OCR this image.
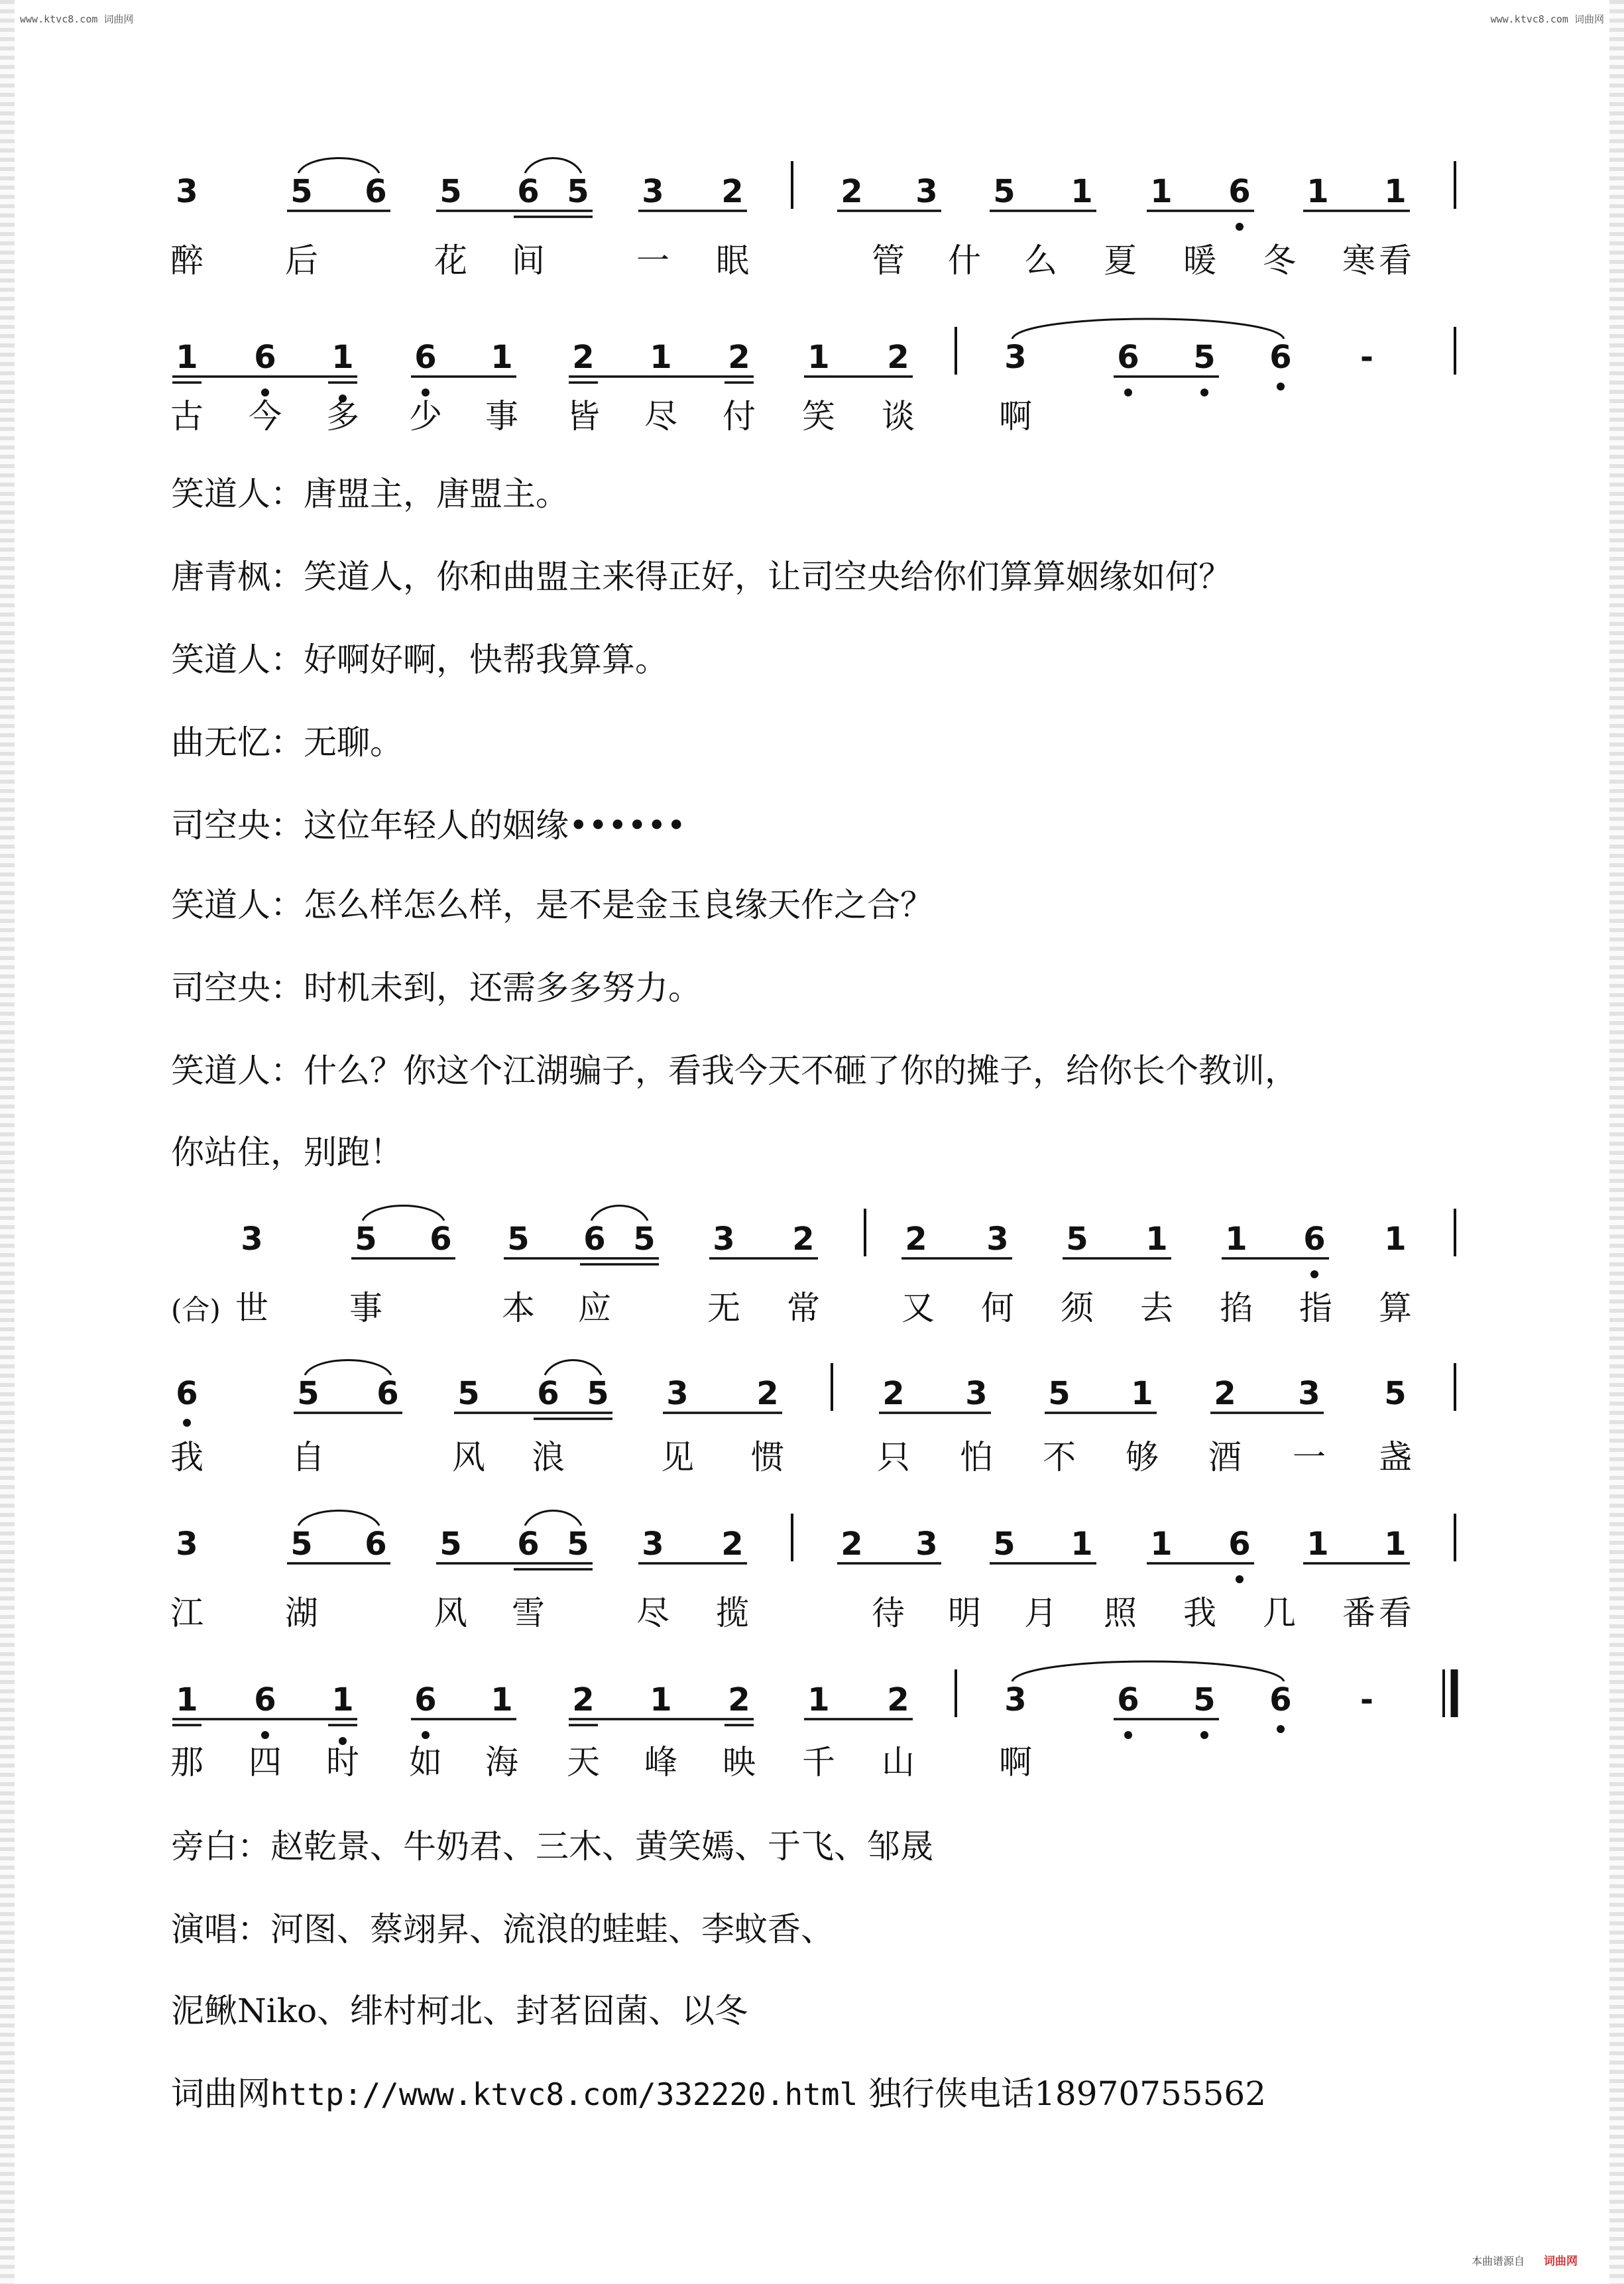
www.ktvc8.com 词曲网	www.ktvc8.com 词曲网
3	5 6 5 6 5 3 2	2 3 5 1 1 6 1 1
醉 后	花 间	一 眠	管 什 么 夏 暖 冬 寒 看
1 6 1 6 1 2 1 2 1 2	3	6 5 6 -
古 今 多 少 事 皆 尽 付 笑 谈	啊
3	5 6 5 6 5 3 2	2 3 5 1 1 6 1
(合) 世 事	本 应	无 常 又 何 须 去 掐 指 算
6	5 6 5 6 5 3 2	2 3 5 1 2 3 5
我	自	风 浪	见 惯	只 怕 不 够 酒 一 盏
3	5 6 5 6 5 3 2	2 3 5 1 1 6 1 1
江 湖	风 雪	尽 揽	待 明 月 照 我 几 番 看
1 6 1 6 1 2 1 2 1 2	3	6 5 6 -
那 四 时 如 海 天 峰 映 千 山	啊
笑道人：唐盟主，唐盟主。
唐青枫：笑道人，你和曲盟主来得正好，让司空央给你们算算姻缘如何？
笑道人：好啊好啊，快帮我算算。
曲无忆：无聊。
司空央：这位年轻人的姻缘••••••
笑道人：怎么样怎么样，是不是金玉良缘天作之合？
司空央：时机未到，还需多多努力。
笑道人：什么？你这个江湖骗子，看我今天不砸了你的摊子，给你长个教训，
你站住，别跑！
旁白：赵乾景、牛奶君、三木、黄笑嫣、于飞、邹晟
演唱：河图、蔡翊昇、流浪的蛙蛙、李蚊香、
泥鳅Niko、绯村柯北、封茗囧菌、以冬
词曲网http://www.ktvc8.com/332220.html 独行侠电话18970755562
本曲谱源自 词曲网
